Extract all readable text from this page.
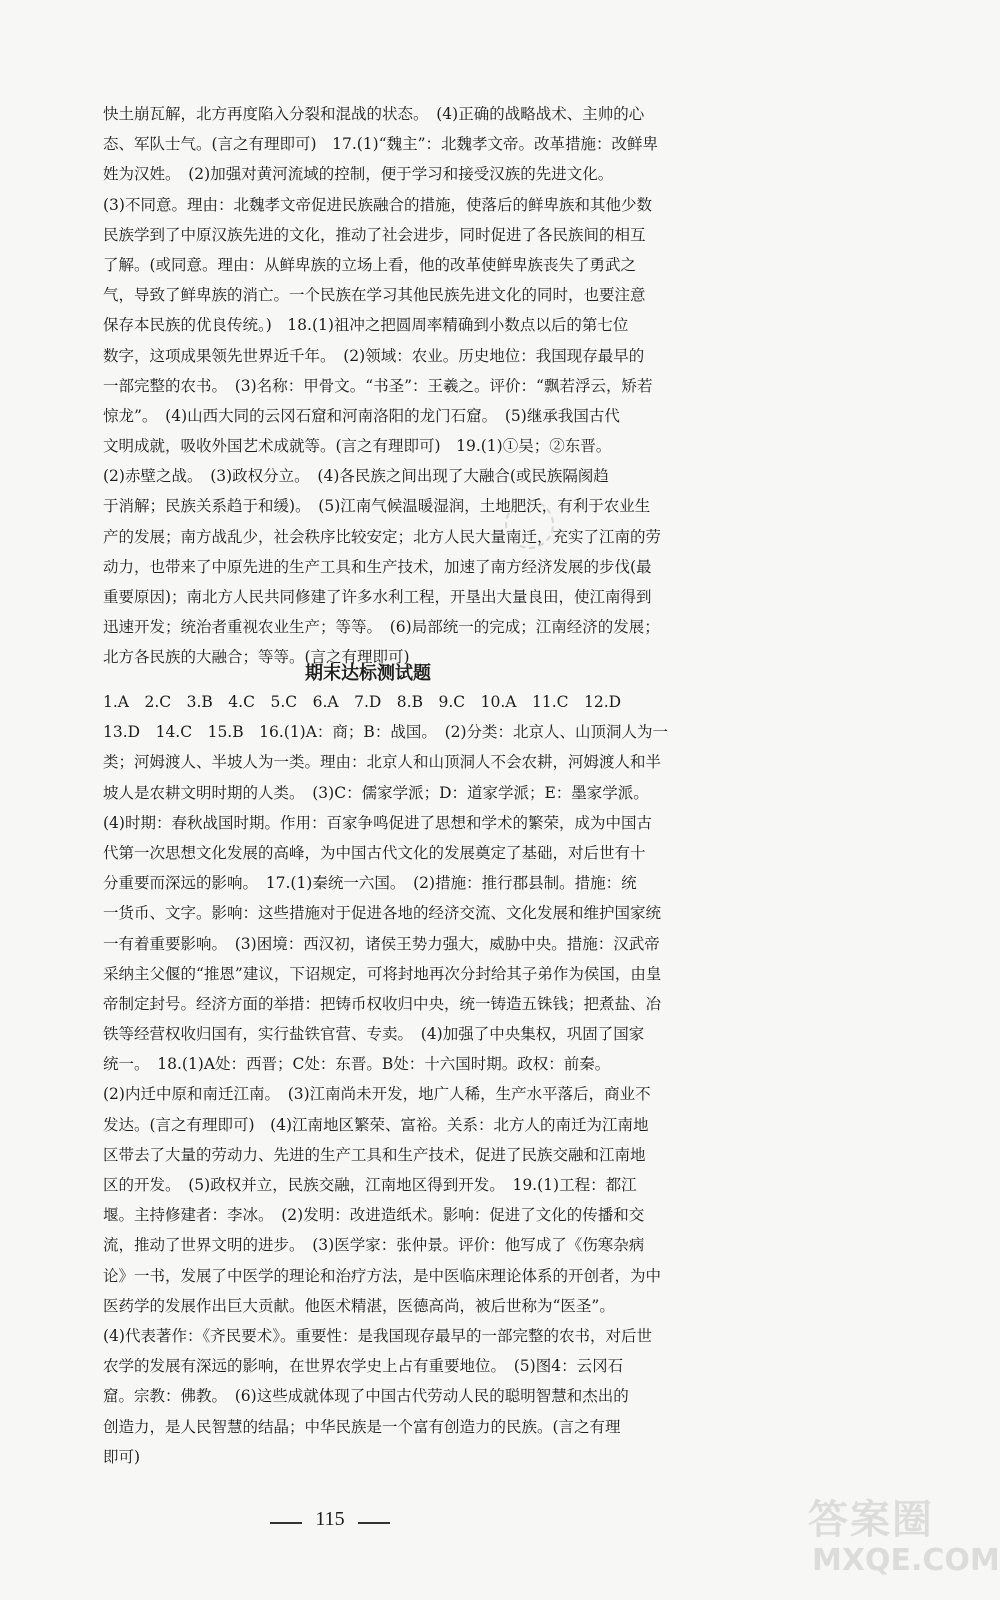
快土崩瓦解，北方再度陷入分裂和混战的状态。　(4)正确的战略战术、主帅的心
态、军队士气。(言之有理即可)　17.(1)“魏主”：北魏孝文帝。改革措施：改鲜卑
姓为汉姓。　(2)加强对黄河流域的控制，便于学习和接受汉族的先进文化。
(3)不同意。理由：北魏孝文帝促进民族融合的措施，使落后的鲜卑族和其他少数
民族学到了中原汉族先进的文化，推动了社会进步，同时促进了各民族间的相互
了解。(或同意。理由：从鲜卑族的立场上看，他的改革使鲜卑族丧失了勇武之
气，导致了鲜卑族的消亡。一个民族在学习其他民族先进文化的同时，也要注意
保存本民族的优良传统。)　18.(1)祖冲之把圆周率精确到小数点以后的第七位
数字，这项成果领先世界近千年。　(2)领域：农业。历史地位：我国现存最早的
一部完整的农书。　(3)名称：甲骨文。“书圣”：王羲之。评价：“飘若浮云，矫若
惊龙”。　(4)山西大同的云冈石窟和河南洛阳的龙门石窟。　(5)继承我国古代
文明成就，吸收外国艺术成就等。(言之有理即可)　19.(1)①吴；②东晋。
(2)赤壁之战。　(3)政权分立。　(4)各民族之间出现了大融合(或民族隔阂趋
于消解；民族关系趋于和缓)。　(5)江南气候温暖湿润，土地肥沃，有利于农业生
产的发展；南方战乱少，社会秩序比较安定；北方人民大量南迁，充实了江南的劳
动力，也带来了中原先进的生产工具和生产技术，加速了南方经济发展的步伐(最
重要原因)；南北方人民共同修建了许多水利工程，开垦出大量良田，使江南得到
迅速开发；统治者重视农业生产；等等。　(6)局部统一的完成；江南经济的发展；
北方各民族的大融合；等等。(言之有理即可)
期末达标测试题
1.A　2.C　3.B　4.C　5.C　6.A　7.D　8.B　9.C　10.A　11.C　12.D
13.D　14.C　15.B　16.(1)A：商；B：战国。　(2)分类：北京人、山顶洞人为一
类；河姆渡人、半坡人为一类。理由：北京人和山顶洞人不会农耕，河姆渡人和半
坡人是农耕文明时期的人类。　(3)C：儒家学派；D：道家学派；E：墨家学派。
(4)时期：春秋战国时期。作用：百家争鸣促进了思想和学术的繁荣，成为中国古
代第一次思想文化发展的高峰，为中国古代文化的发展奠定了基础，对后世有十
分重要而深远的影响。　17.(1)秦统一六国。　(2)措施：推行郡县制。措施：统
一货币、文字。影响：这些措施对于促进各地的经济交流、文化发展和维护国家统
一有着重要影响。　(3)困境：西汉初，诸侯王势力强大，威胁中央。措施：汉武帝
采纳主父偃的“推恩”建议，下诏规定，可将封地再次分封给其子弟作为侯国，由皇
帝制定封号。经济方面的举措：把铸币权收归中央，统一铸造五铢钱；把煮盐、冶
铁等经营权收归国有，实行盐铁官营、专卖。　(4)加强了中央集权，巩固了国家
统一。　18.(1)A处：西晋；C处：东晋。B处：十六国时期。政权：前秦。
(2)内迁中原和南迁江南。　(3)江南尚未开发，地广人稀，生产水平落后，商业不
发达。(言之有理即可)　(4)江南地区繁荣、富裕。关系：北方人的南迁为江南地
区带去了大量的劳动力、先进的生产工具和生产技术，促进了民族交融和江南地
区的开发。　(5)政权并立，民族交融，江南地区得到开发。　19.(1)工程：都江
堰。主持修建者：李冰。　(2)发明：改进造纸术。影响：促进了文化的传播和交
流，推动了世界文明的进步。　(3)医学家：张仲景。评价：他写成了《伤寒杂病
论》一书，发展了中医学的理论和治疗方法，是中医临床理论体系的开创者，为中
医药学的发展作出巨大贡献。他医术精湛，医德高尚，被后世称为“医圣”。
(4)代表著作：《齐民要术》。重要性：是我国现存最早的一部完整的农书，对后世
农学的发展有深远的影响，在世界农学史上占有重要地位。　(5)图4：云冈石
窟。宗教：佛教。　(6)这些成就体现了中国古代劳动人民的聪明智慧和杰出的
创造力，是人民智慧的结晶；中华民族是一个富有创造力的民族。(言之有理
即可)
115	答案圈
MXQE.COM
